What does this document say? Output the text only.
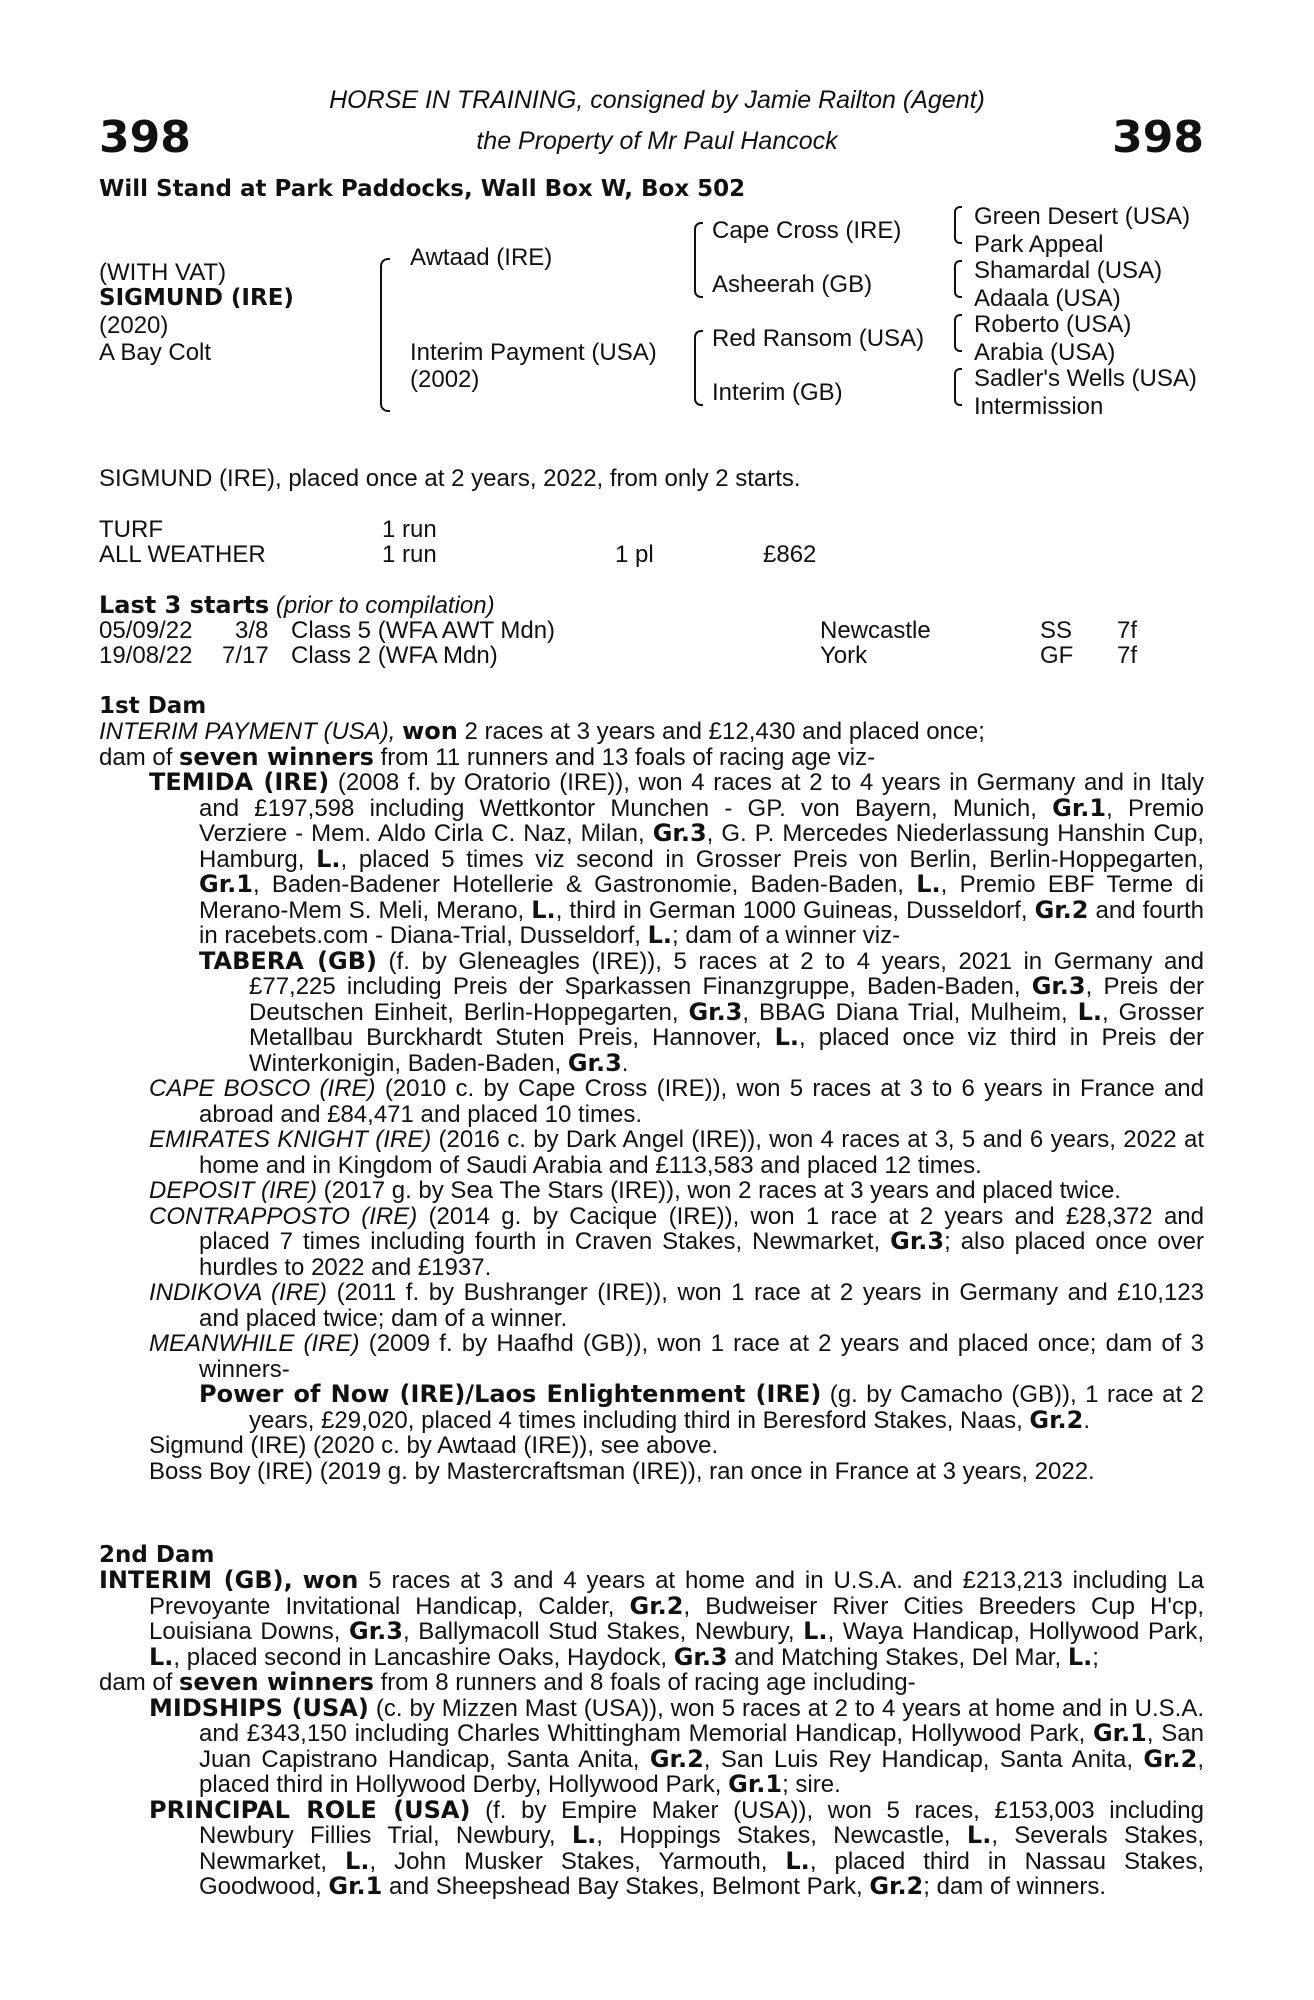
398	398
HORSE IN TRAINING, consigned by Jamie Railton (Agent)
the Property of Mr Paul Hancock
Will Stand at Park Paddocks, Wall Box W, Box 502
(WITH VAT)
SIGMUND (IRE)
(2020)
A Bay Colt
Awtaad (IRE)
Interim Payment (USA)
(2002)
Cape Cross (IRE)
Asheerah (GB)
Red Ransom (USA)
Interim (GB)
Green Desert (USA)
Park Appeal
Shamardal (USA)
Adaala (USA)
Roberto (USA)
Arabia (USA)
Sadler's Wells (USA)
Intermission
SIGMUND (IRE), placed once at 2 years, 2022, from only 2 starts.
TURF	1 run
ALL WEATHER	1 run	1 pl	£862
Last 3 starts (prior to compilation)
05/09/22 3/8 Class 5 (WFA AWT Mdn)	Newcastle	SS 7f
19/08/22 7/17 Class 2 (WFA Mdn)	York	GF 7f
1st Dam

INTERIM PAYMENT (USA), won 2 races at 3 years and £12,430 and placed once;

dam of seven winners from 11 runners and 13 foals of racing age viz-

TEMIDA (IRE) (2008 f. by Oratorio (IRE)), won 4 races at 2 to 4 years in Germany and in Italy and £197,598 including Wettkontor Munchen - GP. von Bayern, Munich, Gr.1, Premio Verziere - Mem. Aldo Cirla C. Naz, Milan, Gr.3, G. P. Mercedes Niederlassung Hanshin Cup, Hamburg, L., placed 5 times viz second in Grosser Preis von Berlin, Berlin-Hoppegarten, Gr.1, Baden-Badener Hotellerie & Gastronomie, Baden-Baden, L., Premio EBF Terme di Merano-Mem S. Meli, Merano, L., third in German 1000 Guineas, Dusseldorf, Gr.2 and fourth in racebets.com - Diana-Trial, Dusseldorf, L.; dam of a winner viz-

TABERA (GB) (f. by Gleneagles (IRE)), 5 races at 2 to 4 years, 2021 in Germany and £77,225 including Preis der Sparkassen Finanzgruppe, Baden-Baden, Gr.3, Preis der Deutschen Einheit, Berlin-Hoppegarten, Gr.3, BBAG Diana Trial, Mulheim, L., Grosser Metallbau Burckhardt Stuten Preis, Hannover, L., placed once viz third in Preis der Winterkonigin, Baden-Baden, Gr.3.

CAPE BOSCO (IRE) (2010 c. by Cape Cross (IRE)), won 5 races at 3 to 6 years in France and abroad and £84,471 and placed 10 times.

EMIRATES KNIGHT (IRE) (2016 c. by Dark Angel (IRE)), won 4 races at 3, 5 and 6 years, 2022 at home and in Kingdom of Saudi Arabia and £113,583 and placed 12 times.

DEPOSIT (IRE) (2017 g. by Sea The Stars (IRE)), won 2 races at 3 years and placed twice.

CONTRAPPOSTO (IRE) (2014 g. by Cacique (IRE)), won 1 race at 2 years and £28,372 and placed 7 times including fourth in Craven Stakes, Newmarket, Gr.3; also placed once over hurdles to 2022 and £1937.

INDIKOVA (IRE) (2011 f. by Bushranger (IRE)), won 1 race at 2 years in Germany and £10,123 and placed twice; dam of a winner.

MEANWHILE (IRE) (2009 f. by Haafhd (GB)), won 1 race at 2 years and placed once; dam of 3 winners-

Power of Now (IRE)/Laos Enlightenment (IRE) (g. by Camacho (GB)), 1 race at 2 years, £29,020, placed 4 times including third in Beresford Stakes, Naas, Gr.2.

Sigmund (IRE) (2020 c. by Awtaad (IRE)), see above.

Boss Boy (IRE) (2019 g. by Mastercraftsman (IRE)), ran once in France at 3 years, 2022.

2nd Dam

INTERIM (GB), won 5 races at 3 and 4 years at home and in U.S.A. and £213,213 including La Prevoyante Invitational Handicap, Calder, Gr.2, Budweiser River Cities Breeders Cup H'cp, Louisiana Downs, Gr.3, Ballymacoll Stud Stakes, Newbury, L., Waya Handicap, Hollywood Park, L., placed second in Lancashire Oaks, Haydock, Gr.3 and Matching Stakes, Del Mar, L.;

dam of seven winners from 8 runners and 8 foals of racing age including-

MIDSHIPS (USA) (c. by Mizzen Mast (USA)), won 5 races at 2 to 4 years at home and in U.S.A. and £343,150 including Charles Whittingham Memorial Handicap, Hollywood Park, Gr.1, San Juan Capistrano Handicap, Santa Anita, Gr.2, San Luis Rey Handicap, Santa Anita, Gr.2, placed third in Hollywood Derby, Hollywood Park, Gr.1; sire.

PRINCIPAL ROLE (USA) (f. by Empire Maker (USA)), won 5 races, £153,003 including Newbury Fillies Trial, Newbury, L., Hoppings Stakes, Newcastle, L., Severals Stakes, Newmarket, L., John Musker Stakes, Yarmouth, L., placed third in Nassau Stakes, Goodwood, Gr.1 and Sheepshead Bay Stakes, Belmont Park, Gr.2; dam of winners.
